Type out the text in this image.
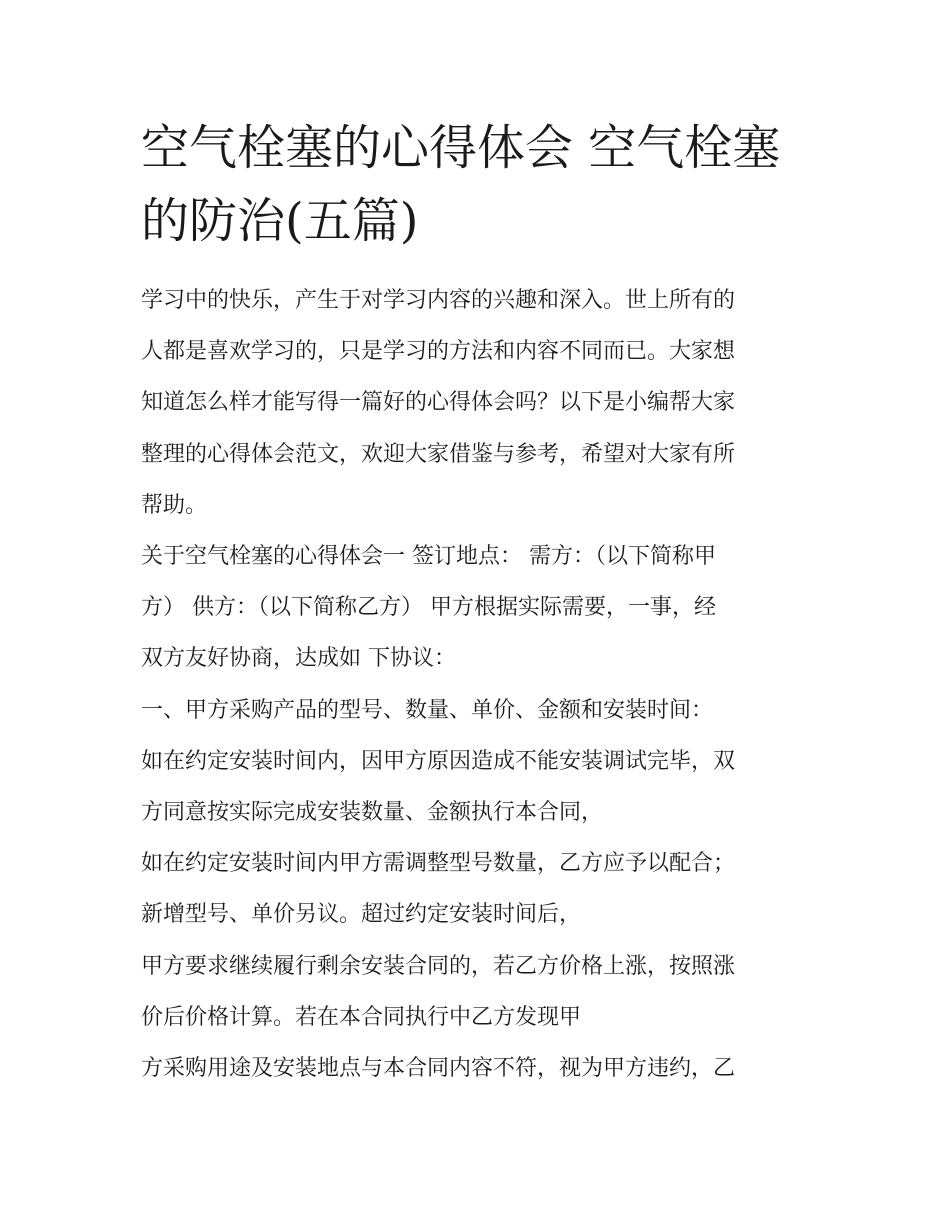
空气栓塞的心得体会 空气栓塞
的防治(五篇)
学习中的快乐，产生于对学习内容的兴趣和深入。世上所有的
人都是喜欢学习的，只是学习的方法和内容不同而已。大家想
知道怎么样才能写得一篇好的心得体会吗？以下是小编帮大家
整理的心得体会范文，欢迎大家借鉴与参考，希望对大家有所
帮助。
关于空气栓塞的心得体会一 签订地点： 需方：（以下简称甲
方） 供方：（以下简称乙方） 甲方根据实际需要，一事，经
双方友好协商，达成如 下协议：
一、甲方采购产品的型号、数量、单价、金额和安装时间：
如在约定安装时间内，因甲方原因造成不能安装调试完毕，双
方同意按实际完成安装数量、金额执行本合同，
如在约定安装时间内甲方需调整型号数量，乙方应予以配合；
新增型号、单价另议。超过约定安装时间后，
甲方要求继续履行剩余安装合同的，若乙方价格上涨，按照涨
价后价格计算。若在本合同执行中乙方发现甲
方采购用途及安装地点与本合同内容不符，视为甲方违约，乙
